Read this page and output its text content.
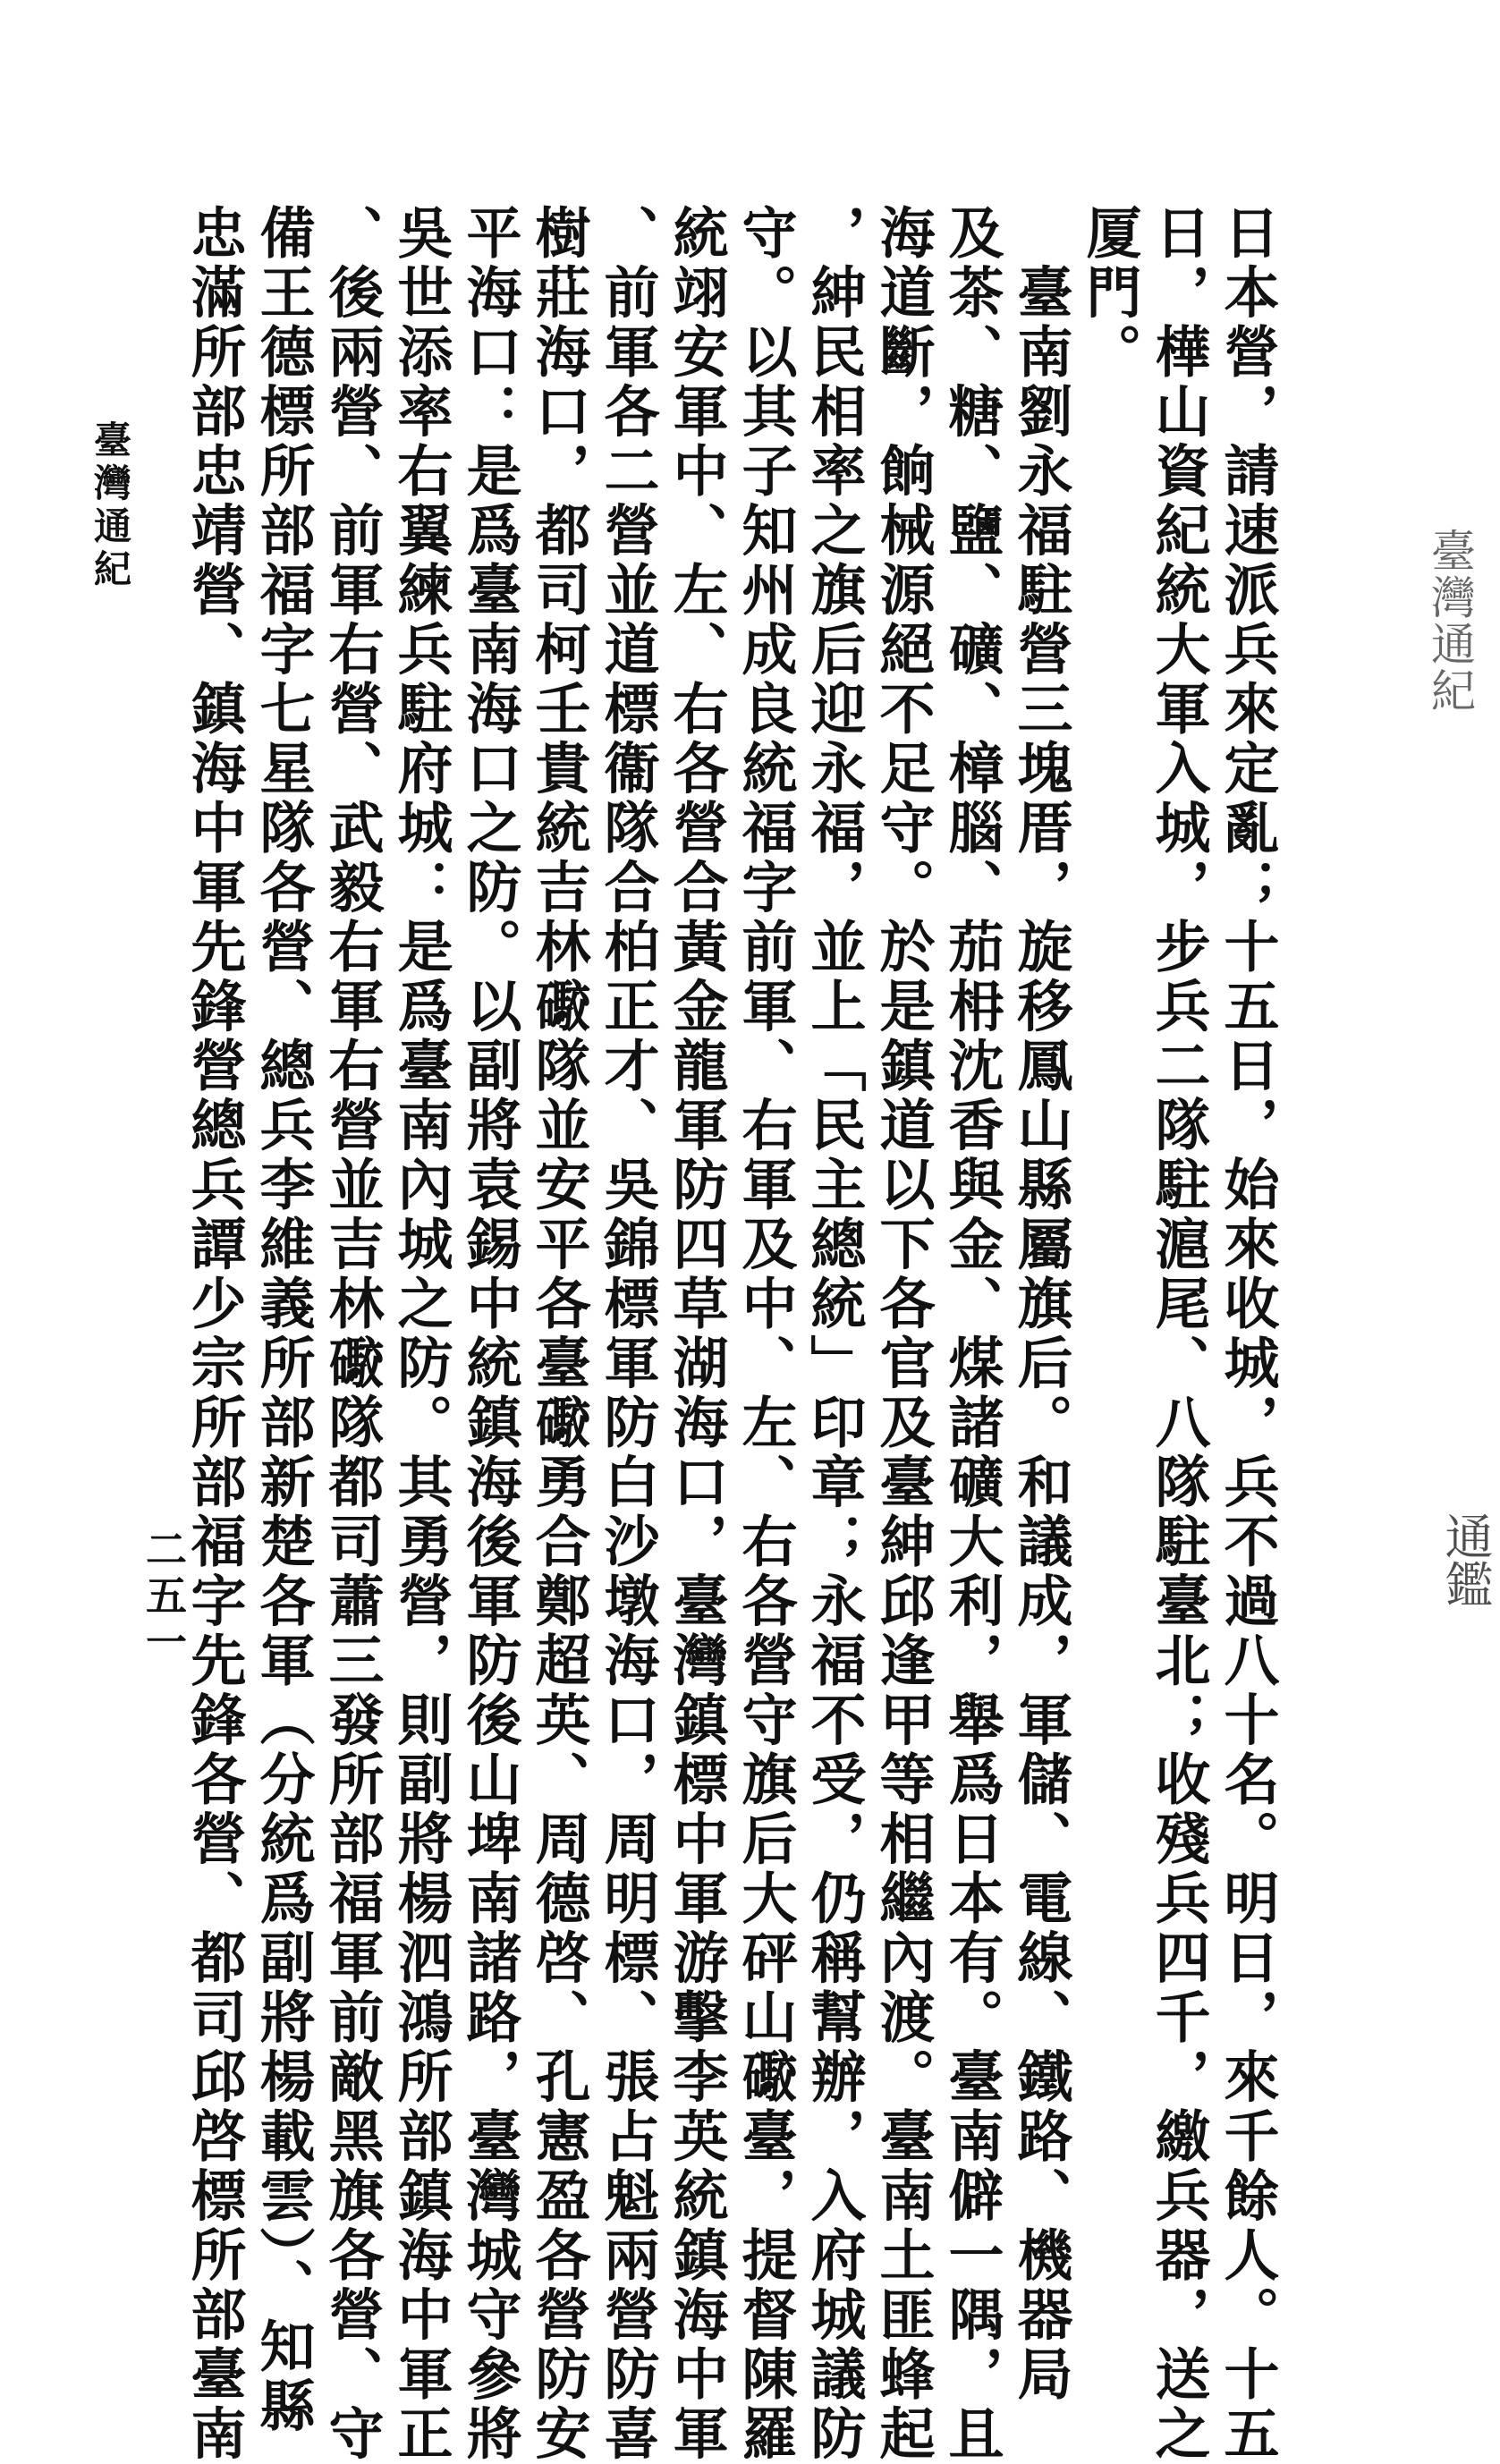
臺灣通紀
通鑑
日本營，請速派兵來定亂；十五日，始來收城，兵不過八十名。明日，來千餘人。十五
日，樺山資紀統大軍入城，步兵二隊駐滬尾、八隊駐臺北；收殘兵四千，繳兵器，送之
厦門。
　臺南劉永福駐營三塊厝，旋移鳳山縣屬旗后。和議成，軍儲、電線、鐵路、機器局
及茶、糖、鹽、礦、樟腦、茄枏沈香與金、煤諸礦大利，舉爲日本有。臺南僻一隅，且
海道斷，餉械源絕不足守。於是鎮道以下各官及臺紳邱逢甲等相繼內渡。臺南土匪蜂起
，紳民相率之旗后迎永福，並上「民主總統」印章；永福不受，仍稱幫辦，入府城議防
守。以其子知州成良統福字前軍、右軍及中、左、右各營守旗后大砰山礮臺，提督陳羅
統翊安軍中、左、右各營合黃金龍軍防四草湖海口，臺灣鎮標中軍游擊李英統鎮海中軍
、前軍各二營並道標衞隊合柏正才、吳錦標軍防白沙墩海口，周明標、張占魁兩營防喜
樹莊海口，都司柯壬貴統吉林礮隊並安平各臺礮勇合鄭超英、周德啓、孔憲盈各營防安
平海口：是爲臺南海口之防。以副將袁錫中統鎮海後軍防後山埤南諸路，臺灣城守參將
吳世添率右翼練兵駐府城：是爲臺南內城之防。其勇營，則副將楊泗鴻所部鎮海中軍正
、後兩營、前軍右營、武毅右軍右營並吉林礮隊都司蕭三發所部福軍前敵黑旗各營、守
備王德標所部福字七星隊各營、總兵李維義所部新楚各軍（分統爲副將楊載雲）、知縣
忠滿所部忠靖營、鎮海中軍先鋒營總兵譚少宗所部福字先鋒各營、都司邱啓標所部臺南
臺灣通紀
二五一
